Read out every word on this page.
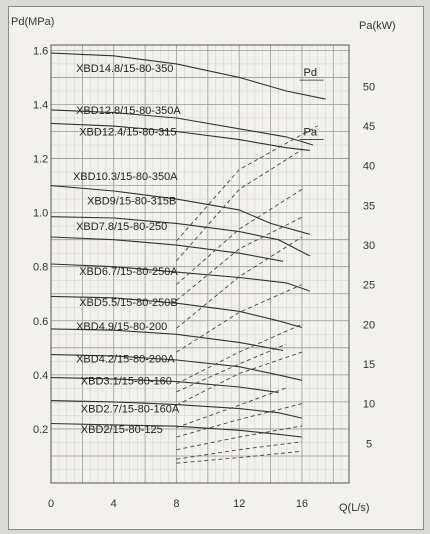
Pd(MPa)	Pa(kW)
Q(L/s)
0	4	8	12	16
0.2
0.4
0.6
0.8
1.0
1.2
1.4
1.6
5
10
15
20
25
30
35
40
45
50
XBD14.8/15-80-350
XBD12.8/15-80-350A
XBD12.4/15-80-315
XBD10.3/15-80-350A
XBD9/15-80-315B
XBD7.8/15-80-250
XBD6.7/15-80-250A
XBD5.5/15-80-250B
XBD4.9/15-80-200
XBD4.2/15-80-200A
XBD3.1/15-80-160
XBD2.7/15-80-160A
XBD2/15-80-125
Pd
Pa
